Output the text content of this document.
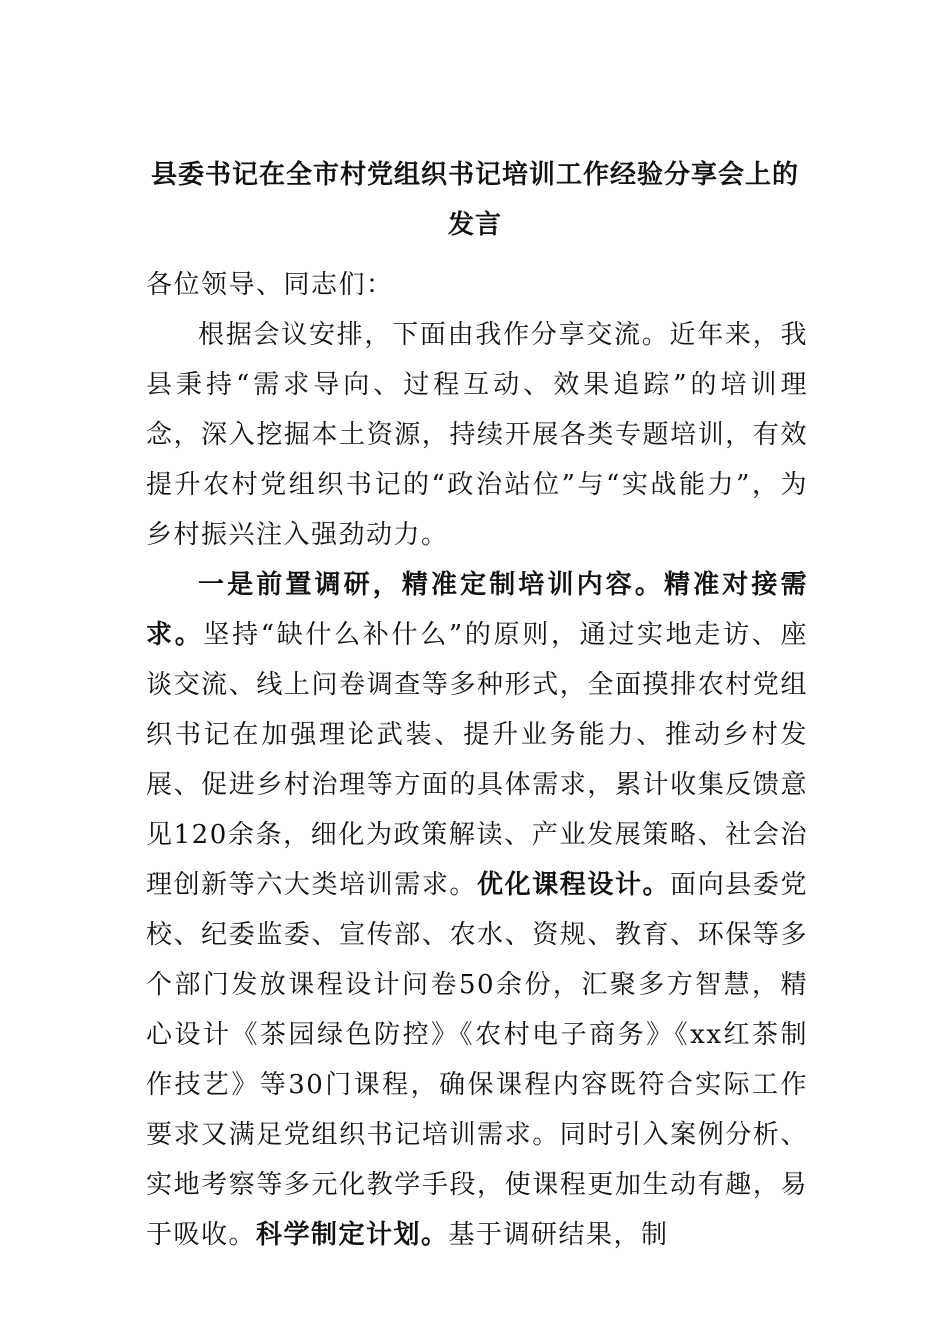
县委书记在全市村党组织书记培训工作经验分享会上的发言

各位领导、同志们：

根据会议安排，下面由我作分享交流。近年来，我县秉持“需求导向、过程互动、效果追踪”的培训理念，深入挖掘本土资源，持续开展各类专题培训，有效提升农村党组织书记的“政治站位”与“实战能力”，为乡村振兴注入强劲动力。

一是前置调研，精准定制培训内容。精准对接需求。坚持“缺什么补什么”的原则，通过实地走访、座谈交流、线上问卷调查等多种形式，全面摸排农村党组织书记在加强理论武装、提升业务能力、推动乡村发展、促进乡村治理等方面的具体需求，累计收集反馈意见120余条，细化为政策解读、产业发展策略、社会治理创新等六大类培训需求。优化课程设计。面向县委党校、纪委监委、宣传部、农水、资规、教育、环保等多个部门发放课程设计问卷50余份，汇聚多方智慧，精心设计《茶园绿色防控》《农村电子商务》《xx红茶制作技艺》等30门课程，确保课程内容既符合实际工作要求又满足党组织书记培训需求。同时引入案例分析、实地考察等多元化教学手段，使课程更加生动有趣，易于吸收。科学制定计划。基于调研结果，制
